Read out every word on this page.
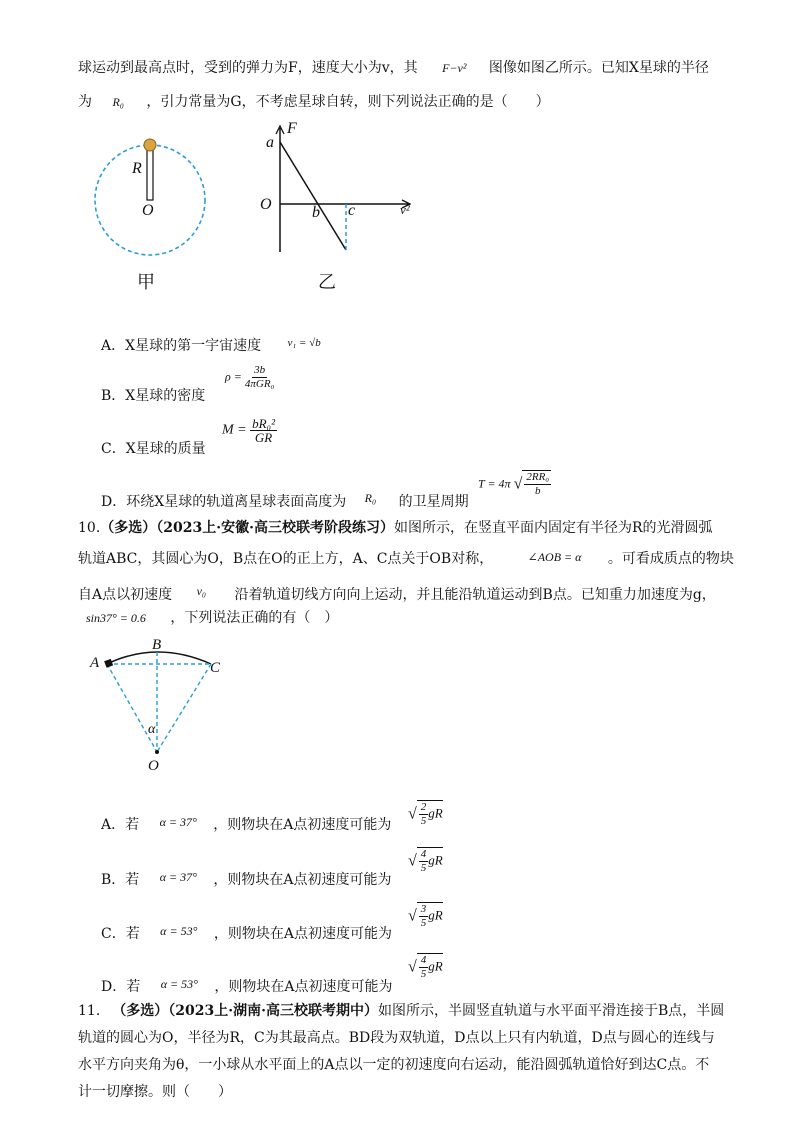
球运动到最高点时，受到的弹力为F，速度大小为v，其 F−v² 图像如图乙所示。已知X星球的半径
为 R₀ ，引力常量为G，不考虑星球自转，则下列说法正确的是（　　）
R
O
甲
F
a
O	b c	v²
乙
A．X星球的第一宇宙速度 $^{v_1 = √b}$
B．X星球的密度
$\rho = \frac{3b}{\text{4πGR₀}}$
C．X星球的质量
$M = \frac{\text{bR₀²}}{GR}$
D．环绕X星球的轨道离星球表面高度为 R₀ 的卫星周期
T = 4π √ $\frac{\text{2RR₀}}{b}$
10.（多选）（2023上·安徽·高三校联考阶段练习）如图所示，在竖直平面内固定有半径为R的光滑圆弧
轨道ABC，其圆心为O，B点在O的正上方，A、C点关于OB对称，	∠AOB = α 。可看成质点的物块
自A点以初速度 v₀ 沿着轨道切线方向向上运动，并且能沿轨道运动到B点。已知重力加速度为g，
sin37° = 0.6 ，下列说法正确的有（　）
A
B
C
α
O
A．若 α = 37° ，则物块在A点初速度可能为
√ $\frac{2}{5}$ gR
B．若 α = 37° ，则物块在A点初速度可能为
√ $\frac{4}{5}$ gR
C．若 α = 53° ，则物块在A点初速度可能为
√ $\frac{3}{5}$ gR
D．若 α = 53° ，则物块在A点初速度可能为
√ $\frac{4}{5}$ gR
11. （多选）（2023上·湖南·高三校联考期中）如图所示，半圆竖直轨道与水平面平滑连接于B点，半圆
轨道的圆心为O，半径为R，C为其最高点。BD段为双轨道，D点以上只有内轨道，D点与圆心的连线与
水平方向夹角为θ，一小球从水平面上的A点以一定的初速度向右运动，能沿圆弧轨道恰好到达C点。不
计一切摩擦。则（　　）
